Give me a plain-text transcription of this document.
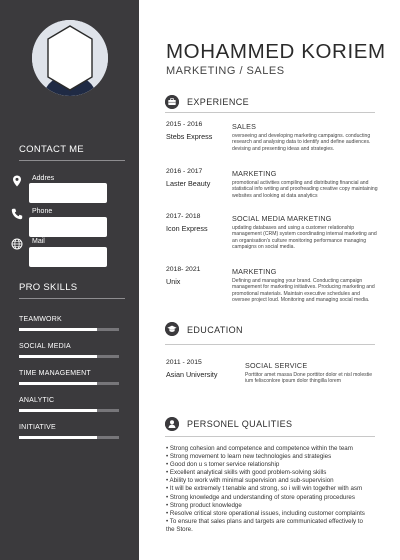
CONTACT ME
Addres
Phone
Mail
PRO SKILLS
TEAMWORK
SOCIAL MEDIA
TIME MANAGEMENT
ANALYTIC
INITIATIVE
MOHAMMED KORIEM
MARKETING / SALES
EXPERIENCE
2015 - 2016
Stebs Express
SALES
overseeing and developing marketing campaigns. conducting research and analysing data to identify and define audiences. devising and presenting ideas and strategies.
2016 - 2017
Laster Beauty
MARKETING
promotional activities compiling and distributing financial and statistical info writing and proofreading creative copy maintaining websites and looking at data analytics
2017- 2018
Icon Express
SOCIAL MEDIA MARKETING
updating databases and using a customer relationship management (CRM) system coordinating internal marketing and an organisation's culture monitoring performance managing campaigns on social media.
2018- 2021
Unix
MARKETING
Defining and managing your brand. Conducting campaign management for marketing initiatives. Producing marketing and promotional materials. Maintain executive schedules and oversee project loud. Monitoring and managing social media.
EDUCATION
2011 - 2015
Asian University
SOCIAL SERVICE
Porttitor amet massa Done porttitor dolor et nisl molestie ium felisconlore ipsum dolor thingilla lorem
PERSONEL QUALITIES
• Strong cohesion and competence and competence within the team
• Strong movement to learn new technologies and strategies
• Good don u s tomer service relationship
• Excellent analytical skills with good problem-solving skills
• Ability to work with minimal supervision and sub-supervision
• It will be extremely t tenable and strong, so i will win together with asm
• Strong knowledge and understanding of store operating procedures
• Strong product knowledge
• Resolve critical store operational issues, including customer complaints
• To ensure that sales plans and targets are communicated effectively to
the Store.
